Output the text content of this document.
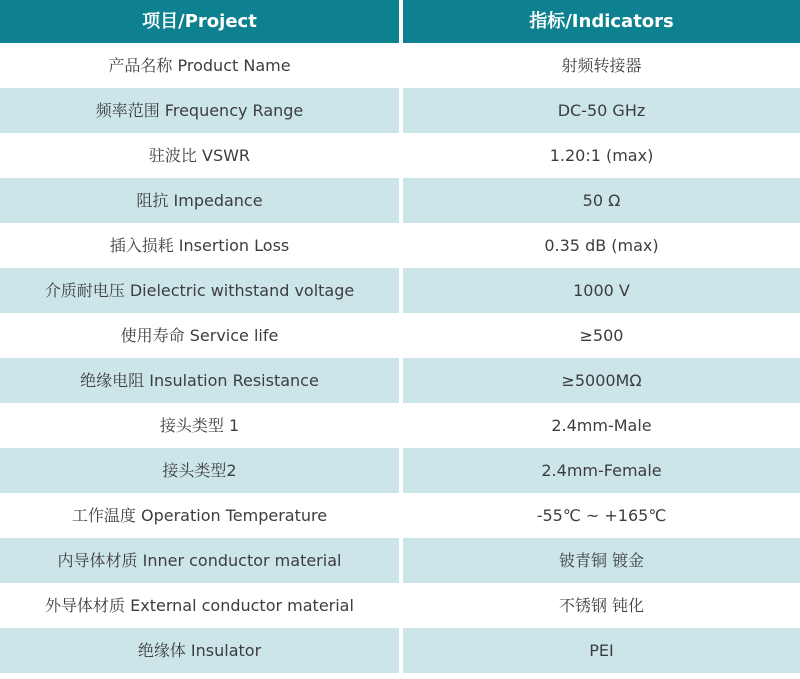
项目/Project	指标/Indicators
产品名称 Product Name	射频转接器
频率范围 Frequency Range	DC-50 GHz
驻波比 VSWR	1.20:1 (max)
阻抗 Impedance	50 Ω
插入损耗 Insertion Loss	0.35 dB (max)
介质耐电压 Dielectric withstand voltage	1000 V
使用寿命 Service life	≥500
绝缘电阻 Insulation Resistance	≥5000MΩ
接头类型 1	2.4mm-Male
接头类型2	2.4mm-Female
工作温度 Operation Temperature	-55℃ ~ +165℃
内导体材质 Inner conductor material	铍青铜 镀金
外导体材质 External conductor material	不锈钢 钝化
绝缘体 Insulator	PEI
